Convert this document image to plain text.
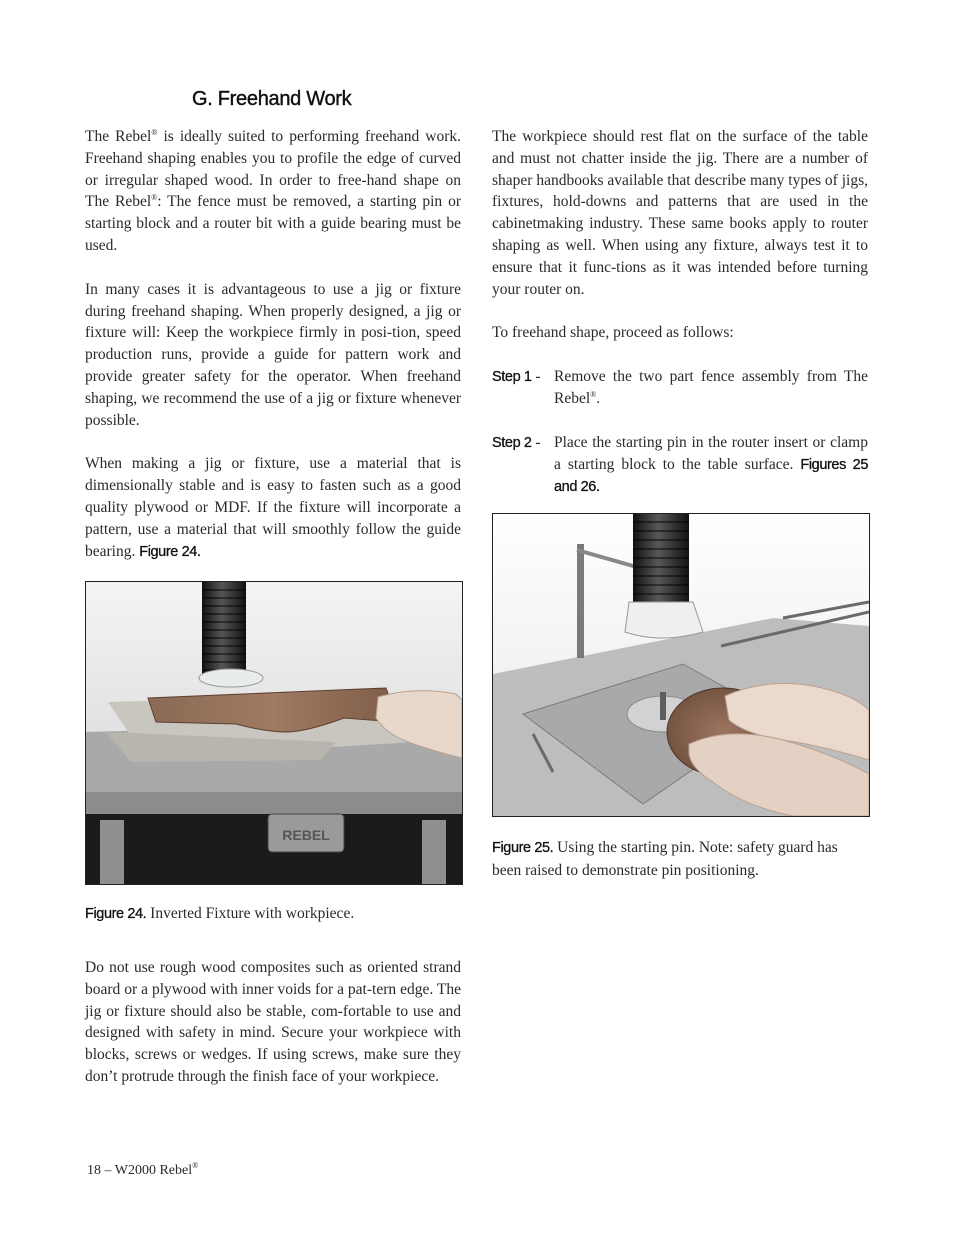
G. Freehand Work

The Rebel® is ideally suited to performing freehand work. Freehand shaping enables you to profile the edge of curved or irregular shaped wood. In order to free-hand shape on The Rebel®: The fence must be removed, a starting pin or starting block and a router bit with a guide bearing must be used.

In many cases it is advantageous to use a jig or fixture during freehand shaping. When properly designed, a jig or fixture will: Keep the workpiece firmly in posi-tion, speed production runs, provide a guide for pattern work and provide greater safety for the operator. When freehand shaping, we recommend the use of a jig or fixture whenever possible.

When making a jig or fixture, use a material that is dimensionally stable and is easy to fasten such as a good quality plywood or MDF. If the fixture will incorporate a pattern, use a material that will smoothly follow the guide bearing. Figure 24.

REBEL
Figure 24. Inverted Fixture with workpiece.

Do not use rough wood composites such as oriented strand board or a plywood with inner voids for a pat-tern edge. The jig or fixture should also be stable, com-fortable to use and designed with safety in mind. Secure your workpiece with blocks, screws or wedges. If using screws, make sure they don’t protrude through the finish face of your workpiece.

The workpiece should rest flat on the surface of the table and must not chatter inside the jig. There are a number of shaper handbooks available that describe many types of jigs, fixtures, hold-downs and patterns that are used in the cabinetmaking industry. These same books apply to router shaping as well. When using any fixture, always test it to ensure that it func-tions as it was intended before turning your router on.

To freehand shape, proceed as follows:

Step 1 - Remove the two part fence assembly from The Rebel®.
Step 2 - Place the starting pin in the router insert or clamp a starting block to the table surface. Figures 25 and 26.
Figure 25. Using the starting pin. Note: safety guard has been raised to demonstrate pin positioning.
18 – W2000 Rebel®
